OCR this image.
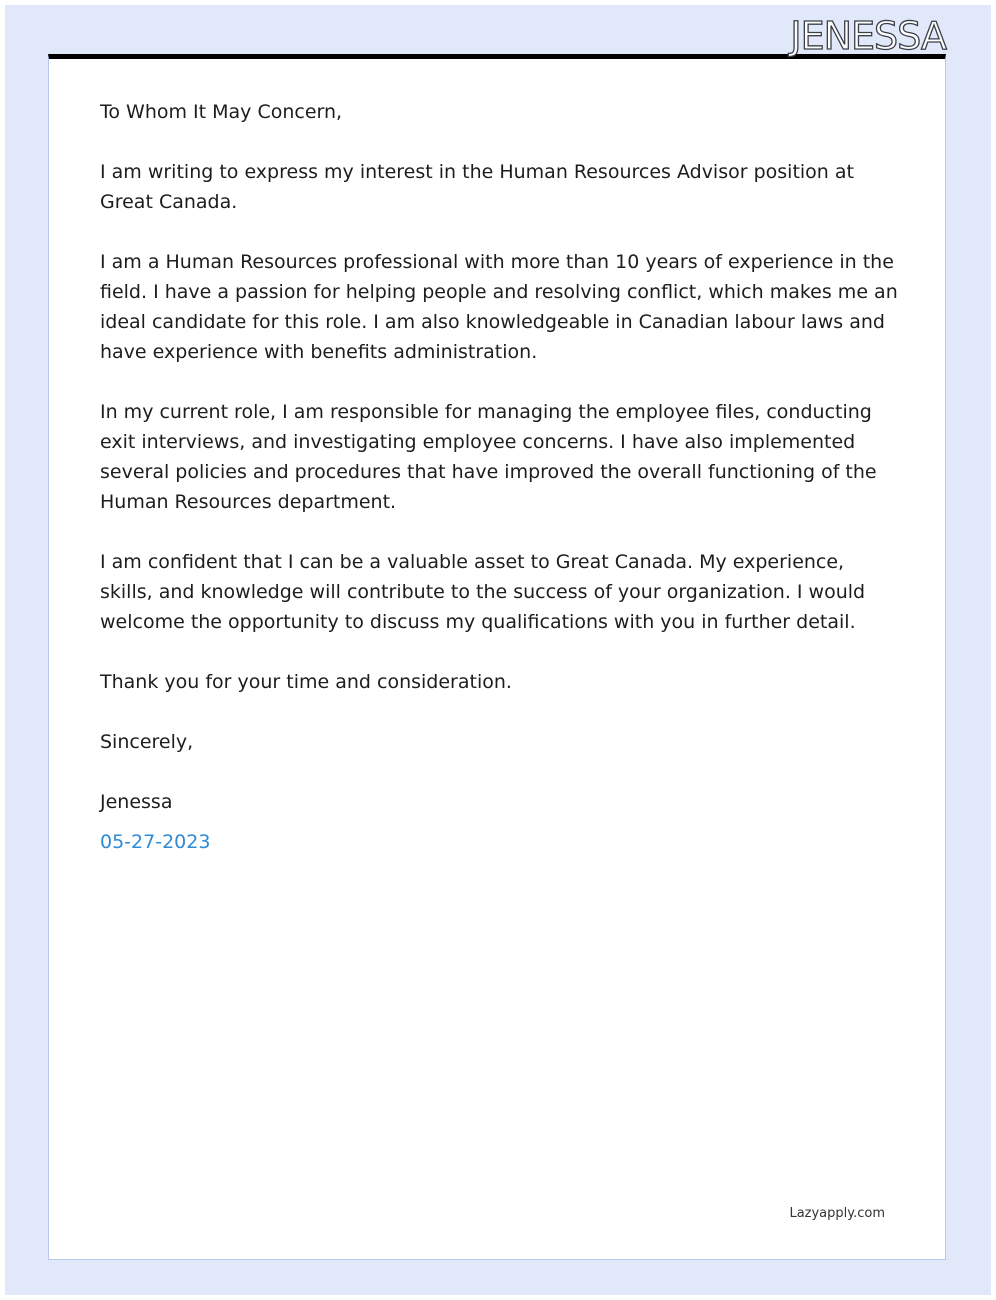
Lazyapply.com
JENESSA

To Whom It May Concern,

I am writing to express my interest in the Human Resources Advisor position at Great Canada.

I am a Human Resources professional with more than 10 years of experience in the field. I have a passion for helping people and resolving conflict, which makes me an ideal candidate for this role. I am also knowledgeable in Canadian labour laws and have experience with benefits administration.

In my current role, I am responsible for managing the employee files, conducting exit interviews, and investigating employee concerns. I have also implemented several policies and procedures that have improved the overall functioning of the Human Resources department.

I am confident that I can be a valuable asset to Great Canada. My experience, skills, and knowledge will contribute to the success of your organization. I would welcome the opportunity to discuss my qualifications with you in further detail.

Thank you for your time and consideration.

Sincerely,

Jenessa

05-27-2023
